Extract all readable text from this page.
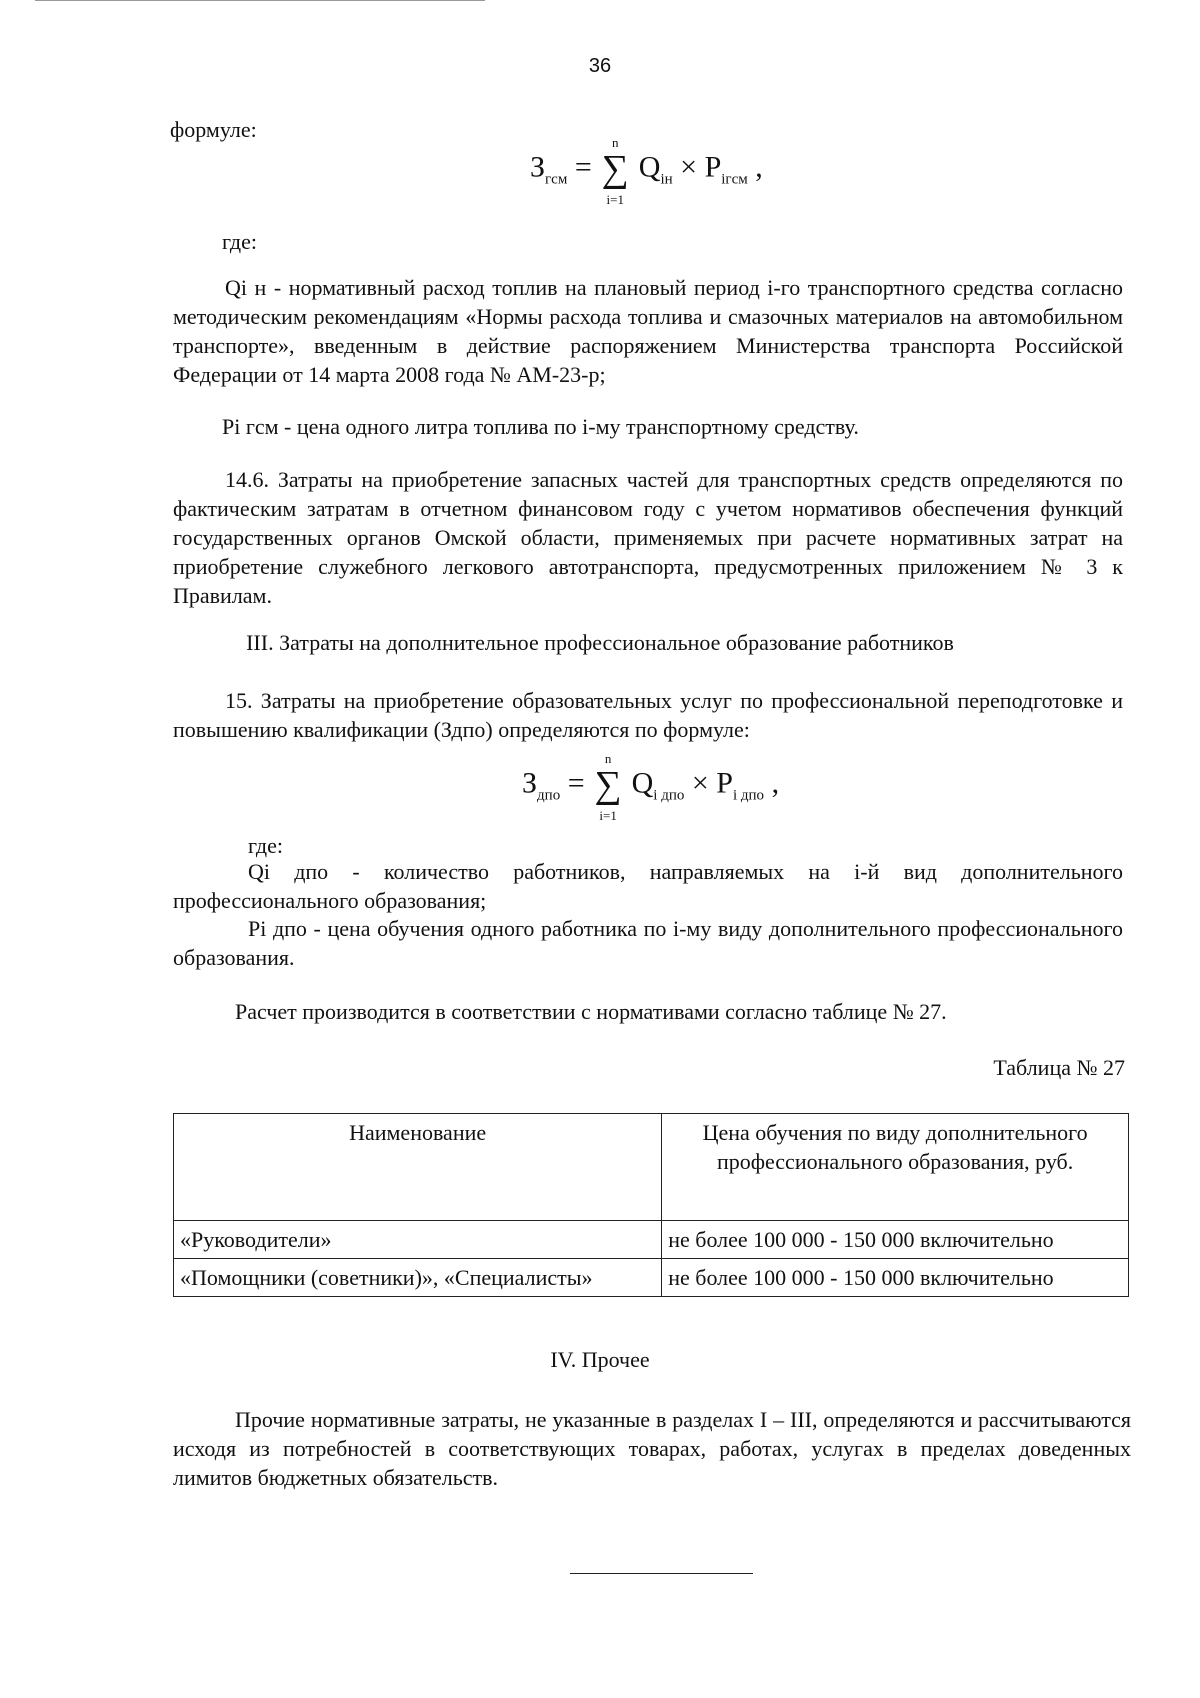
36
формуле:
$З_{гсм}$ =
n
∑
i=1
$Q_{iн} \times P_{iгсм}$ ,
где:
Qi н - нормативный расход топлив на плановый период i-го транспортного средства согласно методическим рекомендациям «Нормы расхода топлива и смазочных материалов на автомобильном транспорте», введенным в действие распоряжением Министерства транспорта Российской Федерации от 14 марта 2008 года № АМ-23-р;
Pi гсм - цена одного литра топлива по i-му транспортному средству.
14.6. Затраты на приобретение запасных частей для транспортных средств определяются по фактическим затратам в отчетном финансовом году с учетом нормативов обеспечения функций государственных органов Омской области, применяемых при расчете нормативных затрат на приобретение служебного легкового автотранспорта, предусмотренных приложением № 3 к Правилам.
III. Затраты на дополнительное профессиональное образование работников
15. Затраты на приобретение образовательных услуг по профессиональной переподготовке и повышению квалификации (Здпо) определяются по формуле:
$З_{дпо}$ =
n
∑
i=1
$Q_{i дпо} \times P_{i дпо}$ ,
где:
Qi дпо - количество работников, направляемых на i-й вид дополнительного профессионального образования;
Pi дпо - цена обучения одного работника по i-му виду дополнительного профессионального образования.
Расчет производится в соответствии с нормативами согласно таблице № 27.
Таблица № 27
Наименование	Цена обучения по виду дополнительного профессионального образования, руб.
«Руководители»	не более 100 000 - 150 000 включительно
«Помощники (советники)», «Специалисты»	не более 100 000 - 150 000 включительно
IV. Прочее
Прочие нормативные затраты, не указанные в разделах I – III, определяются и рассчитываются исходя из потребностей в соответствующих товарах, работах, услугах в пределах доведенных лимитов бюджетных обязательств.
